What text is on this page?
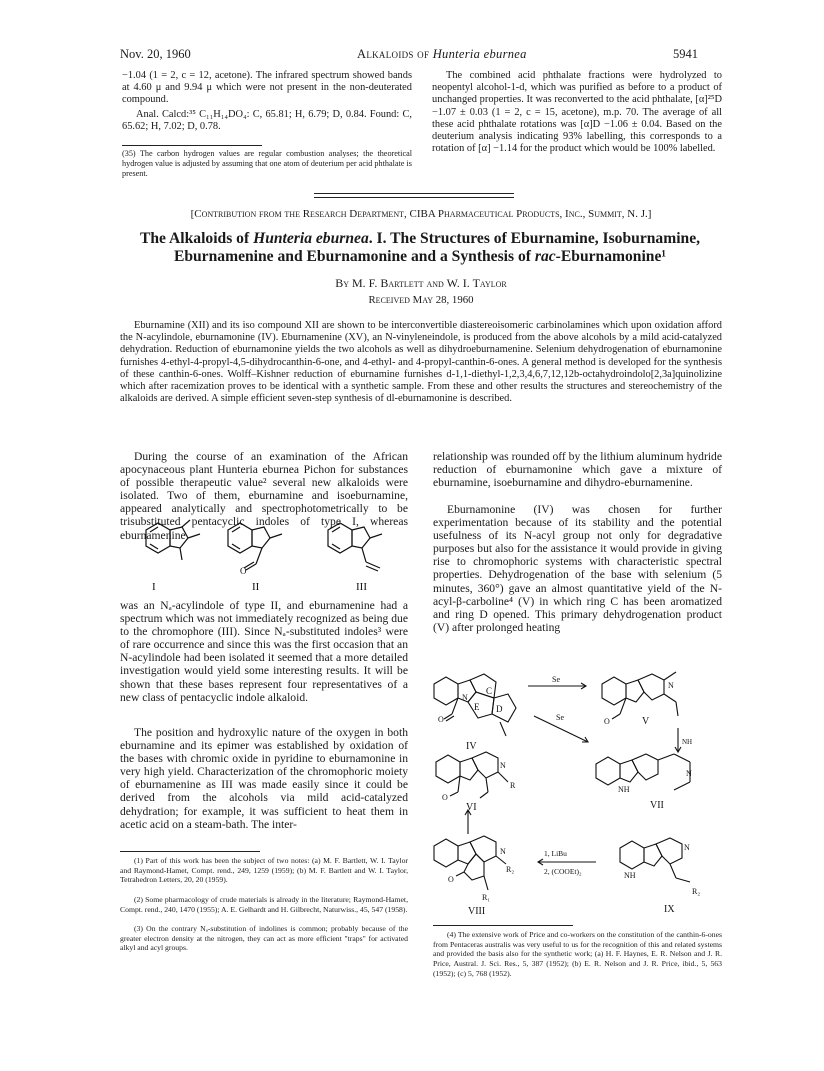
Nov. 20, 1960	Alkaloids of Hunteria eburnea	5941

−1.04 (1 = 2, c = 12, acetone). The infrared spectrum showed bands at 4.60 μ and 9.94 μ which were not present in the non-deuterated compound.

Anal. Calcd:³⁵ C₁₁H₁₄DO₄: C, 65.81; H, 6.79; D, 0.84. Found: C, 65.62; H, 7.02; D, 0.78.

(35) The carbon hydrogen values are regular combustion analyses; the theoretical hydrogen value is adjusted by assuming that one atom of deuterium per acid phthalate is present.
The combined acid phthalate fractions were hydrolyzed to neopentyl alcohol-1-d, which was purified as before to a product of unchanged properties. It was reconverted to the acid phthalate, [α]²⁵D −1.07 ± 0.03 (1 = 2, c = 15, acetone), m.p. 70. The average of all these acid phthalate rotations was [α]D −1.06 ± 0.04. Based on the deuterium analysis indicating 93% labelling, this corresponds to a rotation of [α] −1.14 for the product which would be 100% labelled.
[Contribution from the Research Department, CIBA Pharmaceutical Products, Inc., Summit, N. J.]
The Alkaloids of Hunteria eburnea. I. The Structures of Eburnamine, Isoburnamine,
Eburnamenine and Eburnamonine and a Synthesis of rac-Eburnamonine¹
By M. F. Bartlett and W. I. Taylor
Received May 28, 1960
Eburnamine (XII) and its iso compound XII are shown to be interconvertible diastereoisomeric carbinolamines which upon oxidation afford the N-acylindole, eburnamonine (IV). Eburnamenine (XV), an N-vinyleneindole, is produced from the above alcohols by a mild acid-catalyzed dehydration. Reduction of eburnamonine yields the two alcohols as well as dihydroeburnamenine. Selenium dehydrogenation of eburnamonine furnishes 4-ethyl-4-propyl-4,5-dihydrocanthin-6-one, and 4-ethyl- and 4-propyl-canthin-6-ones. A general method is developed for the synthesis of these canthin-6-ones. Wolff–Kishner reduction of eburnamine furnishes d-1,1-diethyl-1,2,3,4,6,7,12,12b-octahydroindolo[2,3a]quinolizine which after racemization proves to be identical with a synthetic sample. From these and other results the structures and stereochemistry of the alkaloids are derived. A simple efficient seven-step synthesis of dl-eburnamonine is described.
During the course of an examination of the African apocynaceous plant Hunteria eburnea Pichon for substances of possible therapeutic value² several new alkaloids were isolated. Two of them, eburnamine and isoeburnamine, appeared analytically and spectrophotometrically to be trisubstituted pentacyclic indoles of type I, whereas eburnamenine
I	II	III
O
was an Nₐ-acylindole of type II, and eburnamenine had a spectrum which was not immediately recognized as being due to the chromophore (III). Since Nₐ-substituted indoles³ were of rare occurrence and since this was the first occasion that an N-acylindole had been isolated it seemed that a more detailed investigation would yield some interesting results. It will be shown that these bases represent four representatives of a new class of pentacyclic indole alkaloid.
The position and hydroxylic nature of the oxygen in both eburnamine and its epimer was established by oxidation of the bases with chromic oxide in pyridine to eburnamonine in very high yield. Characterization of the chromophoric moiety of eburnamenine as III was made easily since it could be derived from the alcohols via mild acid-catalyzed dehydration; for example, it was sufficient to heat them in acetic acid on a steam-bath. The inter-
(1) Part of this work has been the subject of two notes: (a) M. F. Bartlett, W. I. Taylor and Raymond-Hamet, Compt. rend., 249, 1259 (1959); (b) M. F. Bartlett and W. I. Taylor, Tetrahedron Letters, 20, 20 (1959).
(2) Some pharmacology of crude materials is already in the literature; Raymond-Hamet, Compt. rend., 240, 1470 (1955); A. E. Gelhardt and H. Gilbrecht, Naturwiss., 45, 547 (1958).
(3) On the contrary Nₐ-substitution of indolines is common; probably because of the greater electron density at the nitrogen, they can act as more efficient "traps" for activated alkyl and acyl groups.
relationship was rounded off by the lithium aluminum hydride reduction of eburnamonine which gave a mixture of eburnamine, isoeburnamine and dihydro-eburnamenine.
Eburnamonine (IV) was chosen for further experimentation because of its stability and the potential usefulness of its N-acyl group not only for degradative purposes but also for the assistance it would provide in giving rise to chromophoric systems with characteristic spectral properties. Dehydrogenation of the base with selenium (5 minutes, 360°) gave an almost quantitative yield of the N-acyl-β-carboline⁴ (V) in which ring C has been aromatized and ring D opened. This primary dehydrogenation product (V) after prolonged heating
C
E D
N
O
IV
Se
Se
N
O	V
NH
N
O
R
VI
NH
N
VII
N
O
R₂
R₁
VIII
1, LiBu
2, (COOEt)₂
N
NH
R₂
IX
(4) The extensive work of Price and co-workers on the constitution of the canthin-6-ones from Pentaceras australis was very useful to us for the recognition of this and related systems and provided the basis also for the synthetic work; (a) H. F. Haynes, E. R. Nelson and J. R. Price, Austral. J. Sci. Res., 5, 387 (1952); (b) E. R. Nelson and J. R. Price, ibid., 5, 563 (1952); (c) 5, 768 (1952).
